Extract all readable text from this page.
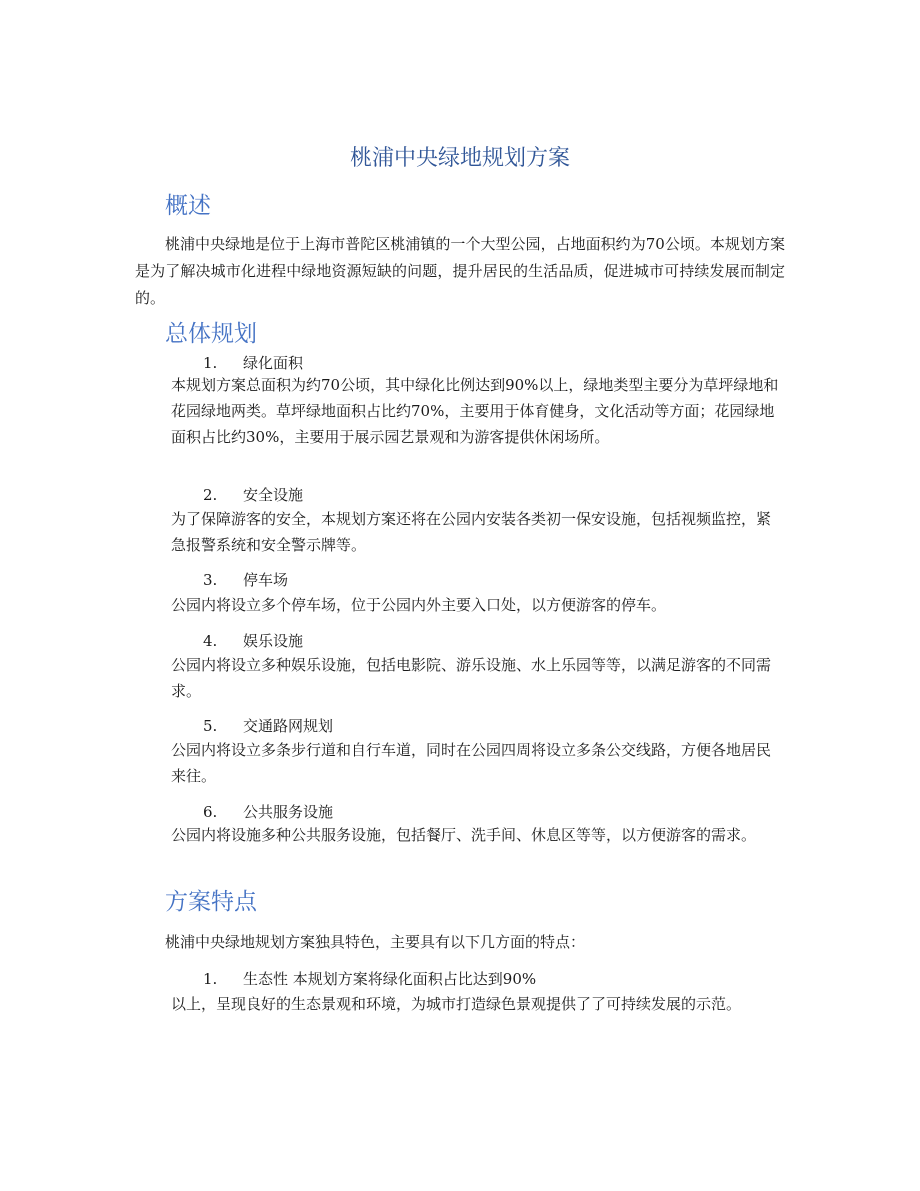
桃浦中央绿地规划方案
概述
桃浦中央绿地是位于上海市普陀区桃浦镇的一个大型公园，占地面积约为70公顷。本规划方案是为了解决城市化进程中绿地资源短缺的问题，提升居民的生活品质，促进城市可持续发展而制定的。
总体规划
1. 绿化面积
本规划方案总面积为约70公顷，其中绿化比例达到90%以上，绿地类型主要分为草坪绿地和花园绿地两类。草坪绿地面积占比约70%，主要用于体育健身，文化活动等方面；花园绿地面积占比约30%，主要用于展示园艺景观和为游客提供休闲场所。
2. 安全设施
为了保障游客的安全，本规划方案还将在公园内安装各类初一保安设施，包括视频监控，紧急报警系统和安全警示牌等。
3. 停车场
公园内将设立多个停车场，位于公园内外主要入口处，以方便游客的停车。
4. 娱乐设施
公园内将设立多种娱乐设施，包括电影院、游乐设施、水上乐园等等，以满足游客的不同需求。
5. 交通路网规划
公园内将设立多条步行道和自行车道，同时在公园四周将设立多条公交线路，方便各地居民来往。
6. 公共服务设施
公园内将设施多种公共服务设施，包括餐厅、洗手间、休息区等等，以方便游客的需求。
方案特点
桃浦中央绿地规划方案独具特色，主要具有以下几方面的特点：
1. 生态性 本规划方案将绿化面积占比达到90%
以上，呈现良好的生态景观和环境，为城市打造绿色景观提供了了可持续发展的示范。
